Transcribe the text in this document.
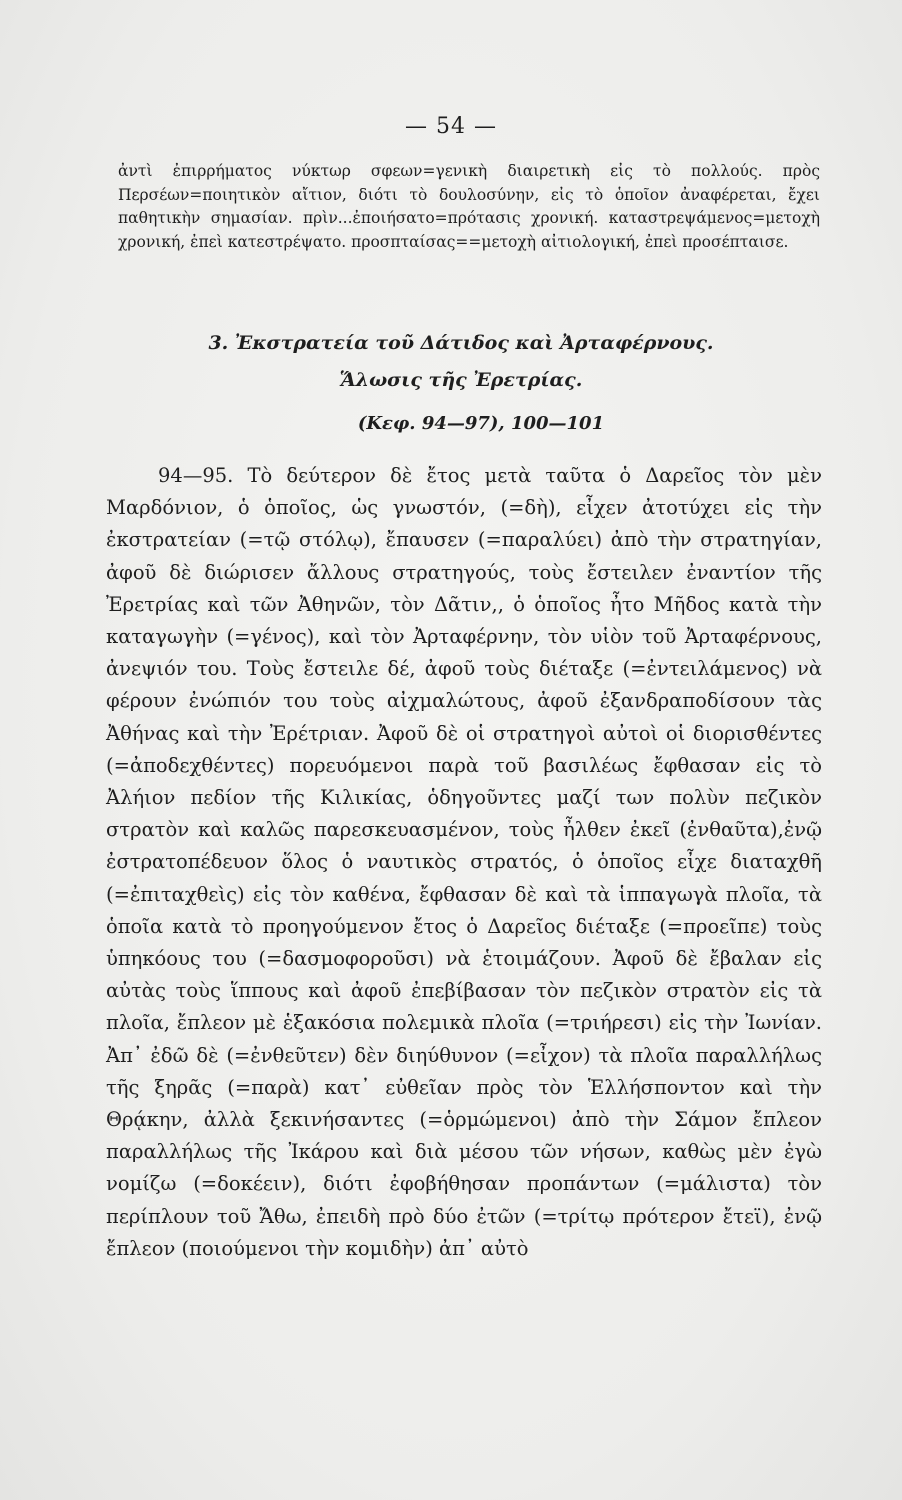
— 54 —

ἀντὶ ἐπιρρήματος νύκτωρ σφεων=γενικὴ διαιρετικὴ εἰς τὸ πολλούς. πρὸς Περσέων=ποιητικὸν αἴτιον, διότι τὸ δουλοσύνην, εἰς τὸ ὁποῖον ἀναφέρεται, ἔχει παθητικὴν σημασίαν. πρὶν...ἐποιήσατο=πρότασις χρονική. καταστρεψάμενος=μετοχὴ χρονική, ἐπεὶ κατεστρέψατο. προσπταίσας==μετοχὴ αἰτιολογική, ἐπεὶ προσέπταισε.

3. Ἐκστρατεία τοῦ Δάτιδος καὶ Ἀρταφέρνους.
Ἅλωσις τῆς Ἐρετρίας.
(Κεφ. 94—97), 100—101

94—95. Τὸ δεύτερον δὲ ἔτος μετὰ ταῦτα ὁ Δαρεῖος τὸν μὲν Μαρδόνιον, ὁ ὁποῖος, ὡς γνωστόν, (=δὴ), εἶχεν ἀτοτύχει εἰς τὴν ἐκστρατείαν (=τῷ στόλῳ), ἔπαυσεν (=παραλύει) ἀπὸ τὴν στρατηγίαν, ἀφοῦ δὲ διώρισεν ἄλλους στρατηγούς, τοὺς ἔστειλεν ἐναντίον τῆς Ἐρετρίας καὶ τῶν Ἀθηνῶν, τὸν Δᾶτιν,, ὁ ὁποῖος ἦτο Μῆδος κατὰ τὴν καταγωγὴν (=γένος), καὶ τὸν Ἀρταφέρνην, τὸν υἱὸν τοῦ Ἀρταφέρνους, ἀνεψιόν του. Τοὺς ἔστειλε δέ, ἀφοῦ τοὺς διέταξε (=ἐντειλάμενος) νὰ φέρουν ἐνώπιόν του τοὺς αἰχμαλώτους, ἀφοῦ ἐξανδραποδίσουν τὰς Ἀθήνας καὶ τὴν Ἐρέτριαν. Ἀφοῦ δὲ οἱ στρατηγοὶ αὐτοὶ οἱ διορισθέντες (=ἀποδεχθέντες) πορευόμενοι παρὰ τοῦ βασιλέως ἔφθασαν εἰς τὸ Ἀλήιον πεδίον τῆς Κιλικίας, ὁδηγοῦντες μαζί των πολὺν πεζικὸν στρατὸν καὶ καλῶς παρεσκευασμένον, τοὺς ἦλθεν ἐκεῖ (ἐνθαῦτα),ἐνῷ ἐστρατοπέδευον ὅλος ὁ ναυτικὸς στρατός, ὁ ὁποῖος εἶχε διαταχθῆ (=ἐπιταχθεὶς) εἰς τὸν καθένα, ἔφθασαν δὲ καὶ τὰ ἱππαγωγὰ πλοῖα, τὰ ὁποῖα κατὰ τὸ προηγούμενον ἔτος ὁ Δαρεῖος διέταξε (=προεῖπε) τοὺς ὑπηκόους του (=δασμοφοροῦσι) νὰ ἑτοιμάζουν. Ἀφοῦ δὲ ἔβαλαν εἰς αὐτὰς τοὺς ἵππους καὶ ἀφοῦ ἐπεβίβασαν τὸν πεζικὸν στρατὸν εἰς τὰ πλοῖα, ἔπλεον μὲ ἑξακόσια πολεμικὰ πλοῖα (=τριήρεσι) εἰς τὴν Ἰωνίαν. Ἀπ᾿ ἐδῶ δὲ (=ἐνθεῦτεν) δὲν διηύθυνον (=εἶχον) τὰ πλοῖα παραλλήλως τῆς ξηρᾶς (=παρὰ) κατ᾿ εὐθεῖαν πρὸς τὸν Ἑλλήσποντον καὶ τὴν Θρᾴκην, ἀλλὰ ξεκινήσαντες (=ὁρμώμενοι) ἀπὸ τὴν Σάμον ἔπλεον παραλλήλως τῆς Ἰκάρου καὶ διὰ μέσου τῶν νήσων, καθὼς μὲν ἐγὼ νομίζω (=δοκέειν), διότι ἐφοβήθησαν προπάντων (=μάλιστα) τὸν περίπλουν τοῦ Ἄθω, ἐπειδὴ πρὸ δύο ἐτῶν (=τρίτῳ πρότερον ἔτεϊ), ἐνῷ ἔπλεον (ποιούμενοι τὴν κομιδὴν) ἀπ᾿ αὐτὸ
